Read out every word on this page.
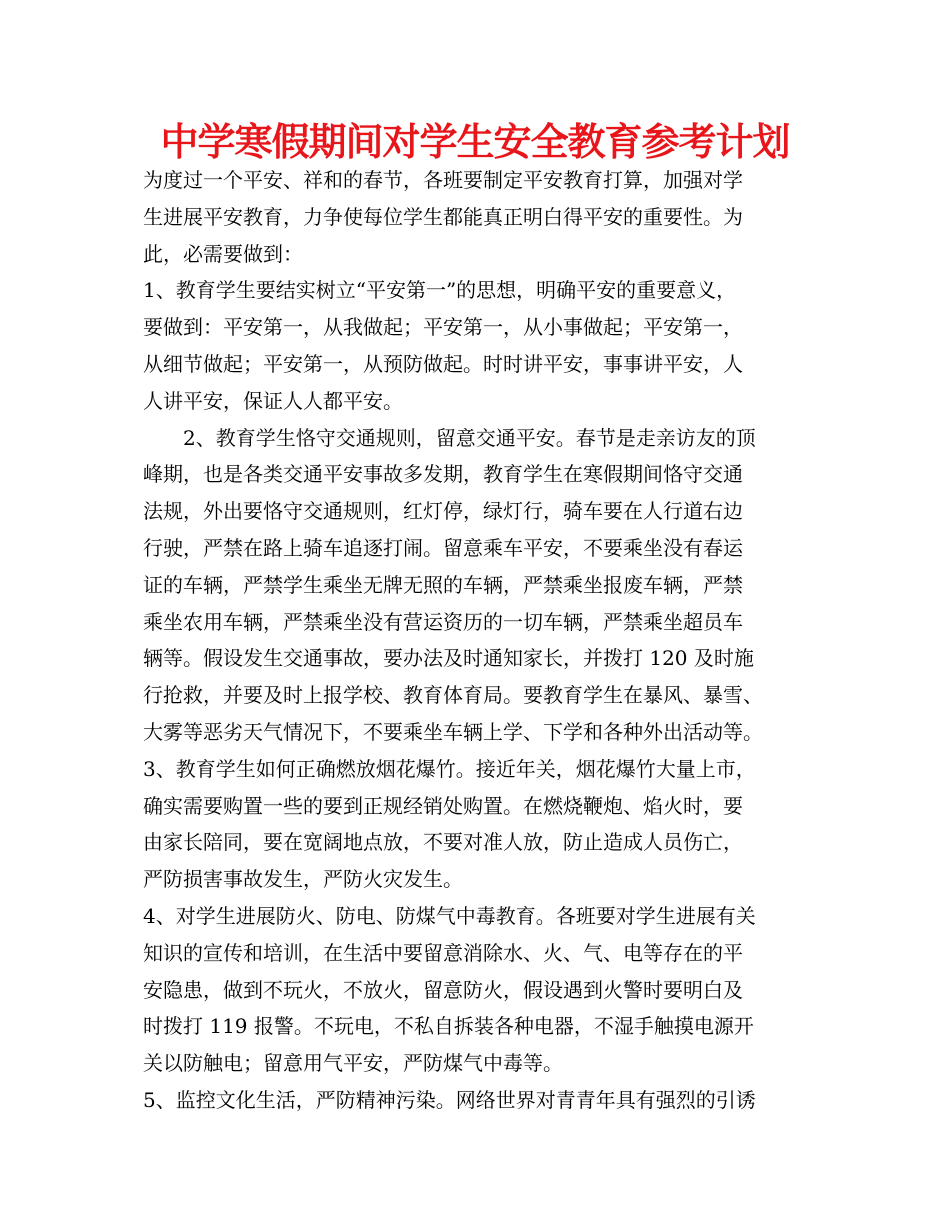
中学寒假期间对学生安全教育参考计划
为度过一个平安、祥和的春节，各班要制定平安教育打算，加强对学
生进展平安教育，力争使每位学生都能真正明白得平安的重要性。为
此，必需要做到：
1、教育学生要结实树立“平安第一”的思想，明确平安的重要意义，
要做到：平安第一，从我做起；平安第一，从小事做起；平安第一，
从细节做起；平安第一，从预防做起。时时讲平安，事事讲平安，人
人讲平安，保证人人都平安。
2、教育学生恪守交通规则，留意交通平安。春节是走亲访友的顶
峰期，也是各类交通平安事故多发期，教育学生在寒假期间恪守交通
法规，外出要恪守交通规则，红灯停，绿灯行，骑车要在人行道右边
行驶，严禁在路上骑车追逐打闹。留意乘车平安，不要乘坐没有春运
证的车辆，严禁学生乘坐无牌无照的车辆，严禁乘坐报废车辆，严禁
乘坐农用车辆，严禁乘坐没有营运资历的一切车辆，严禁乘坐超员车
辆等。假设发生交通事故，要办法及时通知家长，并拨打 120 及时施
行抢救，并要及时上报学校、教育体育局。要教育学生在暴风、暴雪、
大雾等恶劣天气情况下，不要乘坐车辆上学、下学和各种外出活动等。
3、教育学生如何正确燃放烟花爆竹。接近年关，烟花爆竹大量上市，
确实需要购置一些的要到正规经销处购置。在燃烧鞭炮、焰火时，要
由家长陪同，要在宽阔地点放，不要对准人放，防止造成人员伤亡，
严防损害事故发生，严防火灾发生。
4、对学生进展防火、防电、防煤气中毒教育。各班要对学生进展有关
知识的宣传和培训，在生活中要留意消除水、火、气、电等存在的平
安隐患，做到不玩火，不放火，留意防火，假设遇到火警时要明白及
时拨打 119 报警。不玩电，不私自拆装各种电器，不湿手触摸电源开
关以防触电；留意用气平安，严防煤气中毒等。
5、监控文化生活，严防精神污染。网络世界对青青年具有强烈的引诱
